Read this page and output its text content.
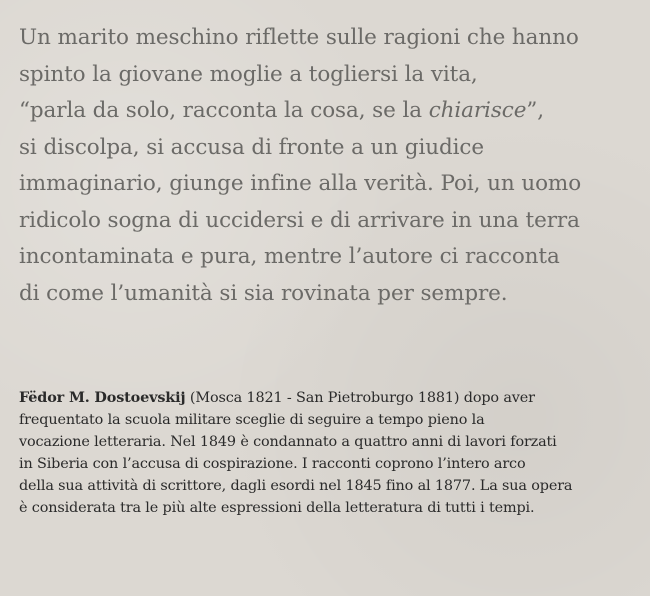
Un marito meschino riflette sulle ragioni che hanno
spinto la giovane moglie a togliersi la vita,
“parla da solo, racconta la cosa, se la chiarisce”,
si discolpa, si accusa di fronte a un giudice
immaginario, giunge infine alla verità. Poi, un uomo
ridicolo sogna di uccidersi e di arrivare in una terra
incontaminata e pura, mentre l’autore ci racconta
di come l’umanità si sia rovinata per sempre.
Fëdor M. Dostoevskij (Mosca 1821 - San Pietroburgo 1881) dopo aver
frequentato la scuola militare sceglie di seguire a tempo pieno la
vocazione letteraria. Nel 1849 è condannato a quattro anni di lavori forzati
in Siberia con l’accusa di cospirazione. I racconti coprono l’intero arco
della sua attività di scrittore, dagli esordi nel 1845 fino al 1877. La sua opera
è considerata tra le più alte espressioni della letteratura di tutti i tempi.
